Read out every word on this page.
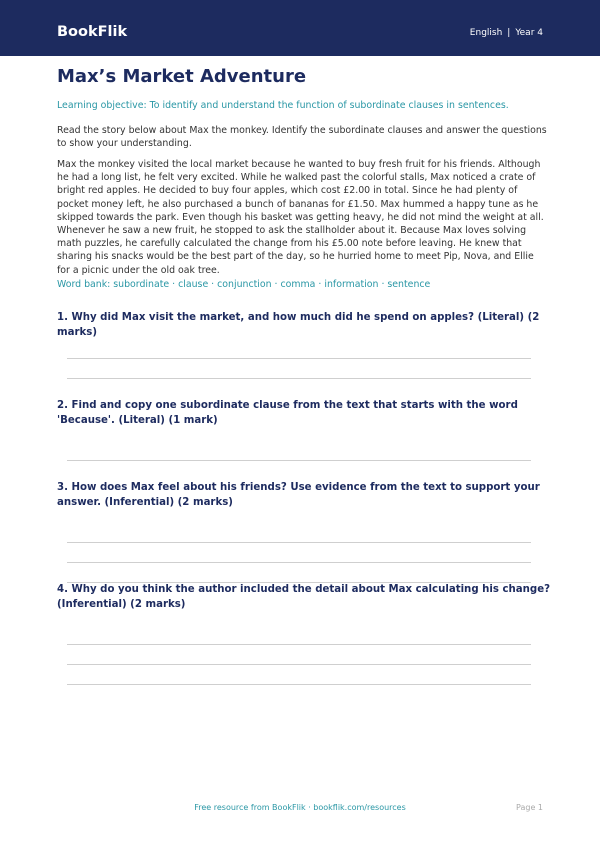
BookFlik	English | Year 4
Max’s Market Adventure

Learning objective: To identify and understand the function of subordinate clauses in sentences.

Read the story below about Max the monkey. Identify the subordinate clauses and answer the questions to show your understanding.

Max the monkey visited the local market because he wanted to buy fresh fruit for his friends. Although he had a long list, he felt very excited. While he walked past the colorful stalls, Max noticed a crate of bright red apples. He decided to buy four apples, which cost £2.00 in total. Since he had plenty of pocket money left, he also purchased a bunch of bananas for £1.50. Max hummed a happy tune as he skipped towards the park. Even though his basket was getting heavy, he did not mind the weight at all. Whenever he saw a new fruit, he stopped to ask the stallholder about it. Because Max loves solving math puzzles, he carefully calculated the change from his £5.00 note before leaving. He knew that sharing his snacks would be the best part of the day, so he hurried home to meet Pip, Nova, and Ellie for a picnic under the old oak tree.

Word bank: subordinate · clause · conjunction · comma · information · sentence

1. Why did Max visit the market, and how much did he spend on apples? (Literal) (2 marks)

2. Find and copy one subordinate clause from the text that starts with the word 'Because'. (Literal) (1 mark)

3. How does Max feel about his friends? Use evidence from the text to support your answer. (Inferential) (2 marks)

4. Why do you think the author included the detail about Max calculating his change? (Inferential) (2 marks)

Free resource from BookFlik · bookflik.com/resources	Page 1
